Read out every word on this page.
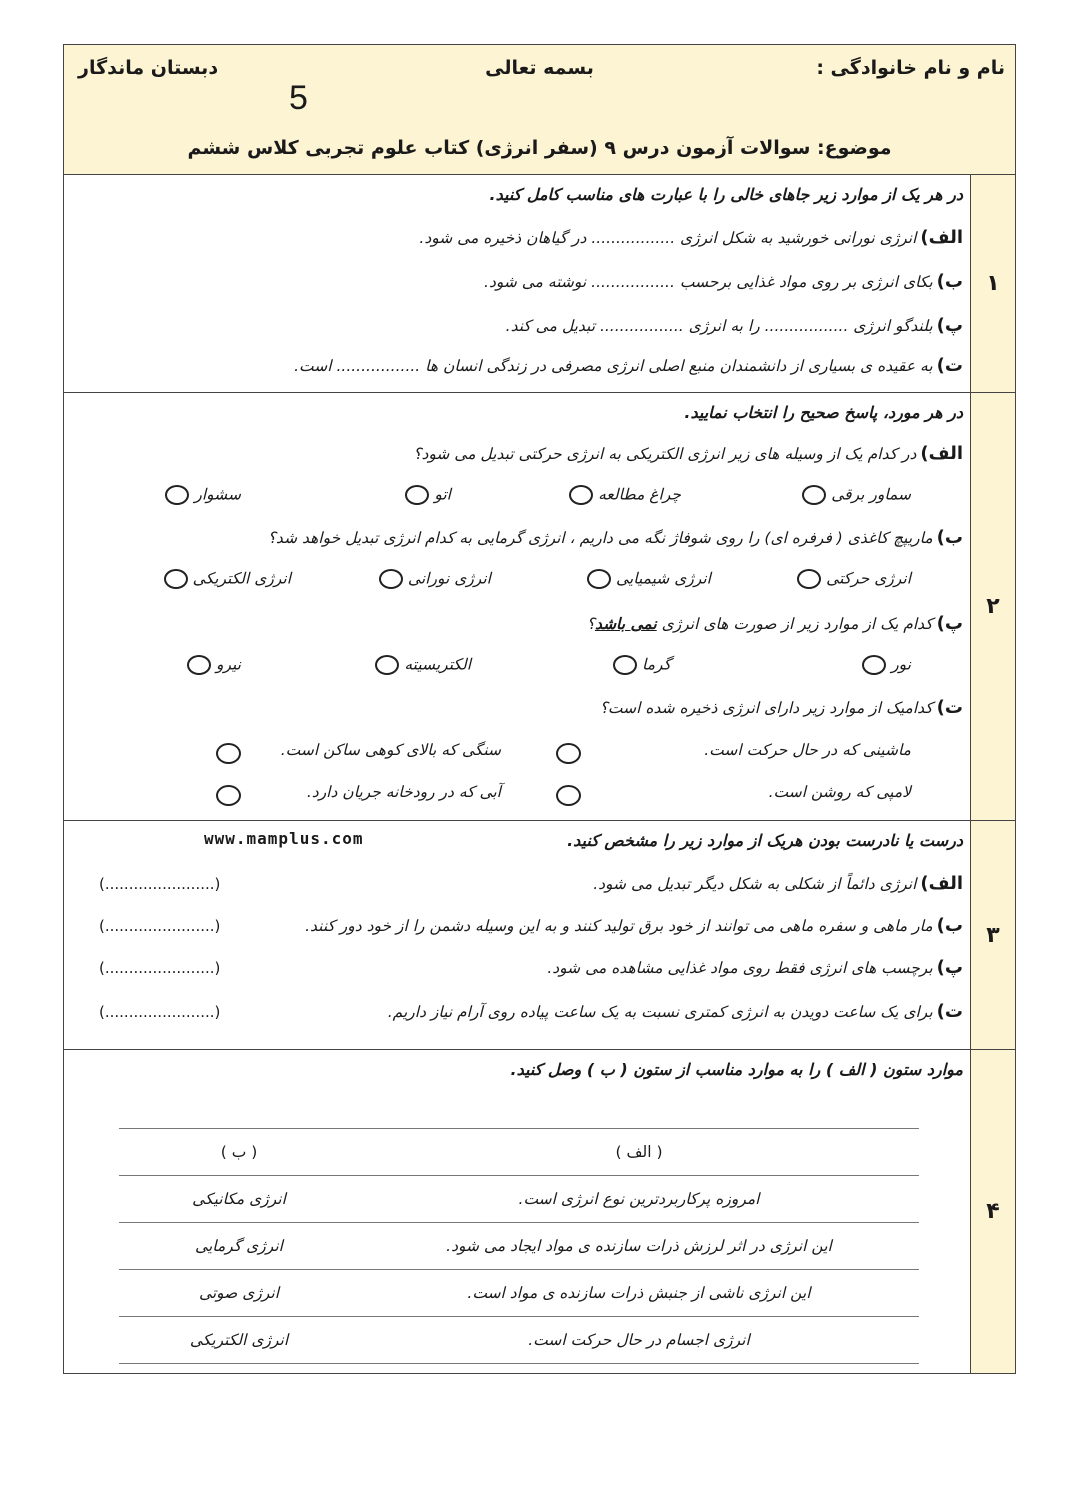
نام و نام خانوادگی :
بسمه تعالی
دبستان ماندگار
5
موضوع: سوالات آزمون درس ۹ (سفر انرژی) کتاب علوم تجربی کلاس ششم
۱
در هر یک از موارد زیر جاهای خالی را با عبارت های مناسب کامل کنید.
الف)انرژی نورانی خورشید به شکل انرژی ................. در گیاهان ذخیره می شود.
ب)بکای انرژی بر روی مواد غذایی برحسب ................. نوشته می شود.
پ)بلندگو انرژی ................. را به انرژی ................. تبدیل می کند.
ت)به عقیده ی بسیاری از دانشمندان منبع اصلی انرژی مصرفی در زندگی انسان ها ................. است.
۲
در هر مورد، پاسخ صحیح را انتخاب نمایید.
الف)در کدام یک از وسیله های زیر انرژی الکتریکی به انرژی حرکتی تبدیل می شود؟
سماور برقی
چراغ مطالعه
اتو
سشوار
ب)ماریپچ کاغذی ( فرفره ای) را روی شوفاژ نگه می داریم ، انرژی گرمایی به کدام انرژی تبدیل خواهد شد؟
انرژی حرکتی
انرژی شیمیایی
انرژی نورانی
انرژی الکتریکی
پ)کدام یک از موارد زیر از صورت های انرژی نمی باشد؟
نور
گرما
الکتریسیته
نیرو
ت)کدامیک از موارد زیر دارای انرژی ذخیره شده است؟
ماشینی که در حال حرکت است.
سنگی که بالای کوهی ساکن است.
لامپی که روشن است.
آبی که در رودخانه جریان دارد.
۳
درست یا نادرست بودن هریک از موارد زیر را مشخص کنید.
www.mamplus.com
الف)انرژی دائماً از شکلی به شکل دیگر تبدیل می شود.
(.......................)
ب)مار ماهی و سفره ماهی می توانند از خود برق تولید کنند و به این وسیله دشمن را از خود دور کنند.
(.......................)
پ)برچسب های انرژی فقط روی مواد غذایی مشاهده می شود.
(.......................)
ت)برای یک ساعت دویدن به انرژی کمتری نسبت به یک ساعت پیاده روی آرام نیاز داریم.
(.......................)
۴
موارد ستون ( الف ) را به موارد مناسب از ستون ( ب ) وصل کنید.
( الف )	( ب )
امروزه پرکاربردترین نوع انرژی است.	انرژی مکانیکی
این انرژی در اثر لرزش ذرات سازنده ی مواد ایجاد می شود.	انرژی گرمایی
این انرژی ناشی از جنبش ذرات سازنده ی مواد است.	انرژی صوتی
انرژی اجسام در حال حرکت است.	انرژی الکتریکی
